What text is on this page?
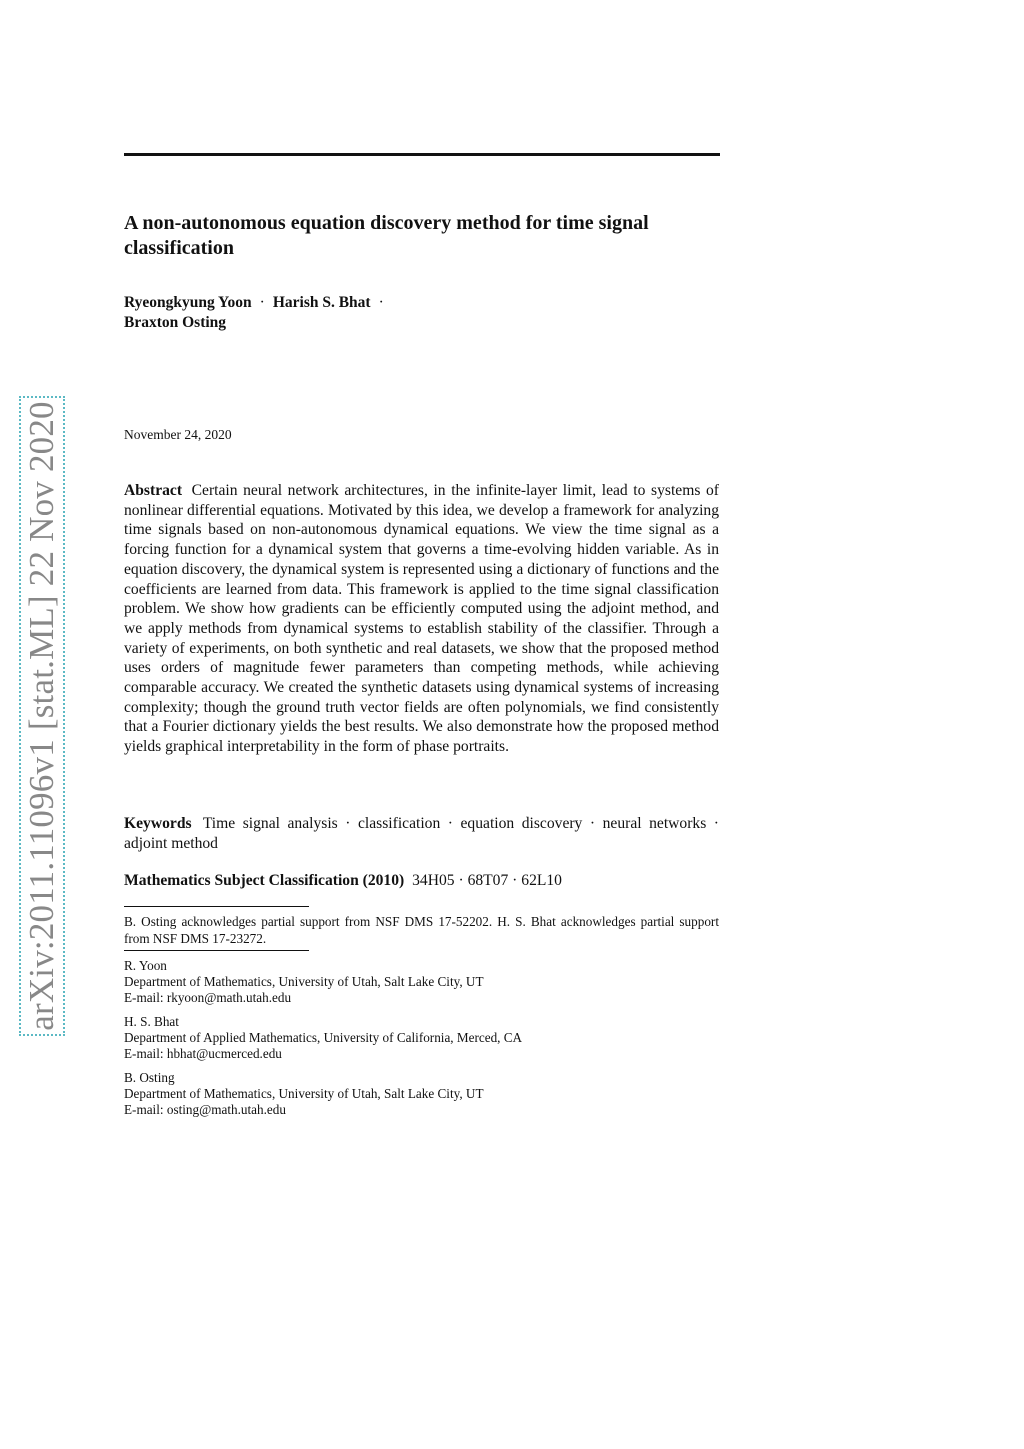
A non-autonomous equation discovery method for time signal classification
Ryeongkyung Yoon · Harish S. Bhat ·
Braxton Osting
November 24, 2020

Abstract Certain neural network architectures, in the infinite-layer limit, lead to systems of nonlinear differential equations. Motivated by this idea, we develop a framework for analyzing time signals based on non-autonomous dynamical equations. We view the time signal as a forcing function for a dynamical system that governs a time-evolving hidden variable. As in equation discovery, the dynamical system is represented using a dictionary of functions and the coefficients are learned from data. This framework is applied to the time signal classification problem. We show how gradients can be efficiently computed using the adjoint method, and we apply methods from dynamical systems to establish stability of the classifier. Through a variety of experiments, on both synthetic and real datasets, we show that the proposed method uses orders of magnitude fewer parameters than competing methods, while achieving comparable accuracy. We created the synthetic datasets using dynamical systems of increasing complexity; though the ground truth vector fields are often polynomials, we find consistently that a Fourier dictionary yields the best results. We also demonstrate how the proposed method yields graphical interpretability in the form of phase portraits.

Keywords Time signal analysis · classification · equation discovery · neural networks · adjoint method
Mathematics Subject Classification (2010) 34H05 · 68T07 · 62L10
B. Osting acknowledges partial support from NSF DMS 17-52202. H. S. Bhat acknowledges partial support from NSF DMS 17-23272.
R. Yoon
Department of Mathematics, University of Utah, Salt Lake City, UT
E-mail: rkyoon@math.utah.edu
H. S. Bhat
Department of Applied Mathematics, University of California, Merced, CA
E-mail: hbhat@ucmerced.edu
B. Osting
Department of Mathematics, University of Utah, Salt Lake City, UT
E-mail: osting@math.utah.edu
arXiv:2011.11096v1 [stat.ML] 22 Nov 2020
